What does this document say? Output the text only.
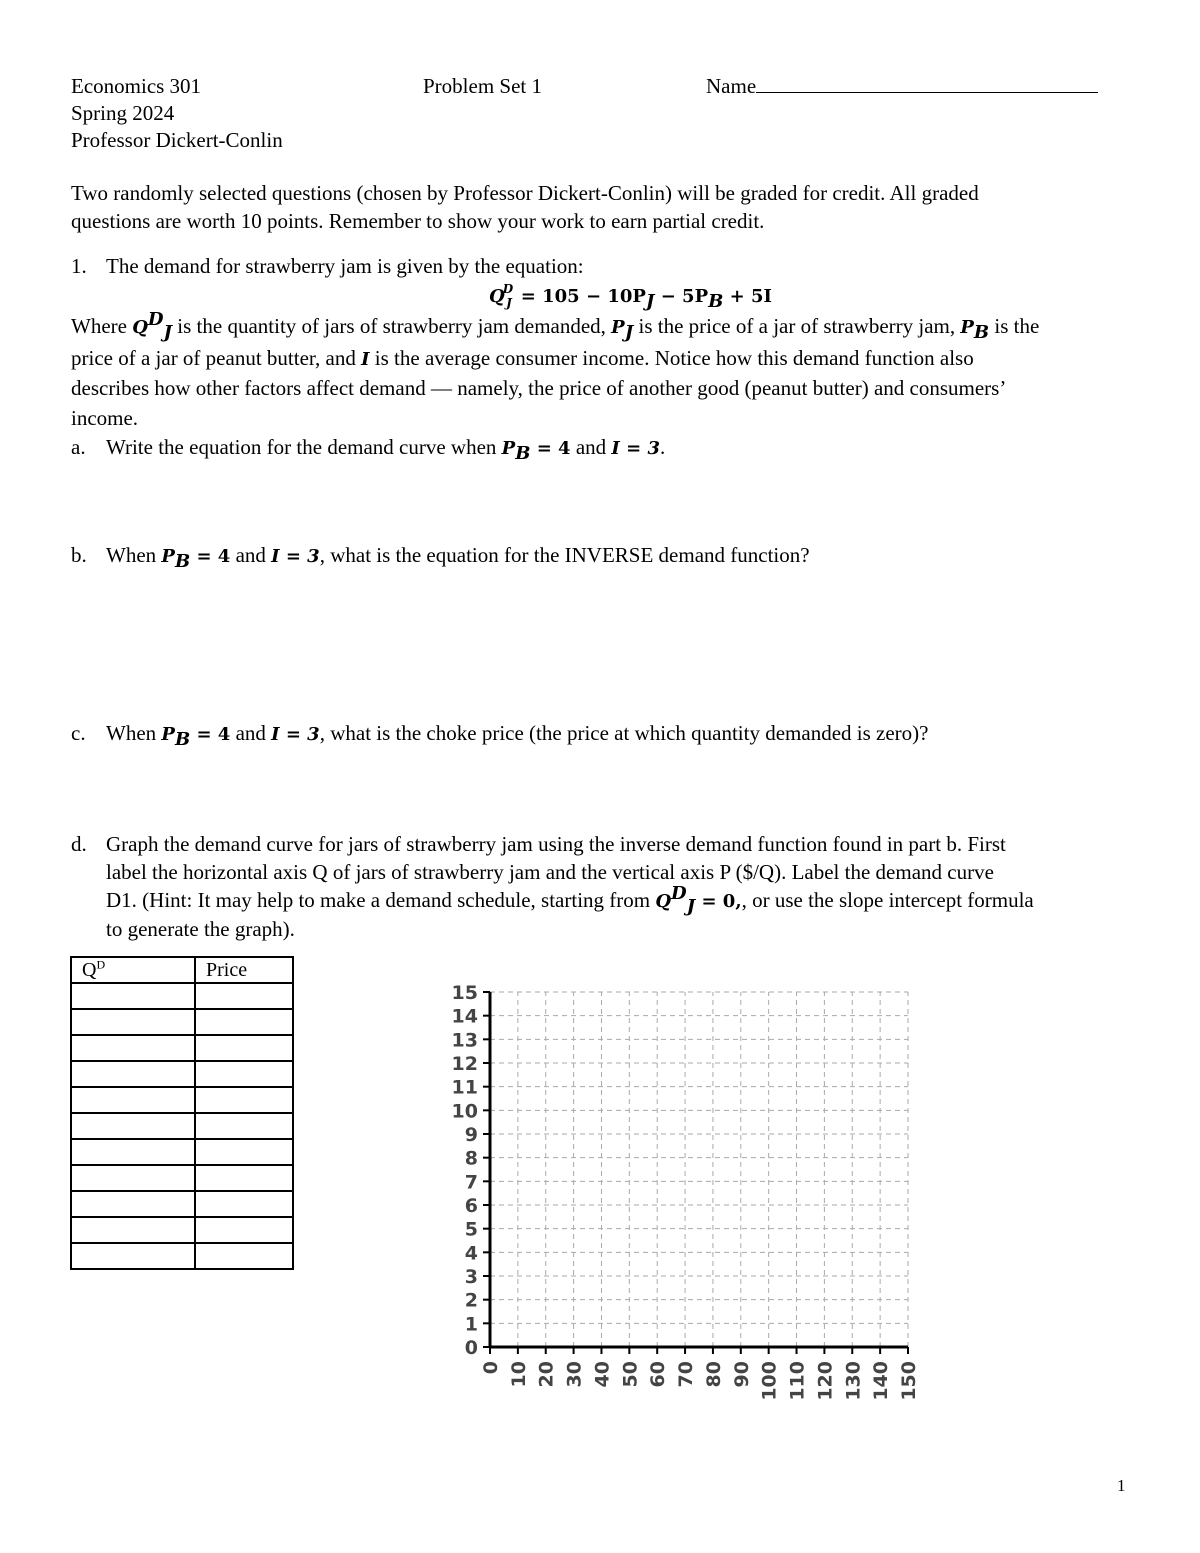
Economics 301	Problem Set 1	Name
Spring 2024
Professor Dickert-Conlin
Two randomly selected questions (chosen by Professor Dickert-Conlin) will be graded for credit. All graded
questions are worth 10 points. Remember to show your work to earn partial credit.
1. The demand for strawberry jam is given by the equation:
$Q^D_J = 105 - 10P_J - 5P_B + 5I$
Where $Q^D_J$ is the quantity of jars of strawberry jam demanded, $P_J$ is the price of a jar of strawberry jam, $P_B$ is the
price of a jar of peanut butter, and I is the average consumer income. Notice how this demand function also
describes how other factors affect demand — namely, the price of another good (peanut butter) and consumers’
income.
a. Write the equation for the demand curve when $P_B = 4$ and I = 3.
b. When $P_B = 4$ and I = 3, what is the equation for the INVERSE demand function?
c. When $P_B = 4$ and I = 3, what is the choke price (the price at which quantity demanded is zero)?
d. Graph the demand curve for jars of strawberry jam using the inverse demand function found in part b. First
label the horizontal axis Q of jars of strawberry jam and the vertical axis P ($/Q). Label the demand curve
D1. (Hint: It may help to make a demand schedule, starting from $Q^D_J = 0$,, or use the slope intercept formula
to generate the graph).
$Q^D$	Price

0
1
2
3
4
5
6
7
8
9
10
11
12
13
14
15
0 10 20 30 40 50 60 70 80 90 100 110 120 130 140 150
1
